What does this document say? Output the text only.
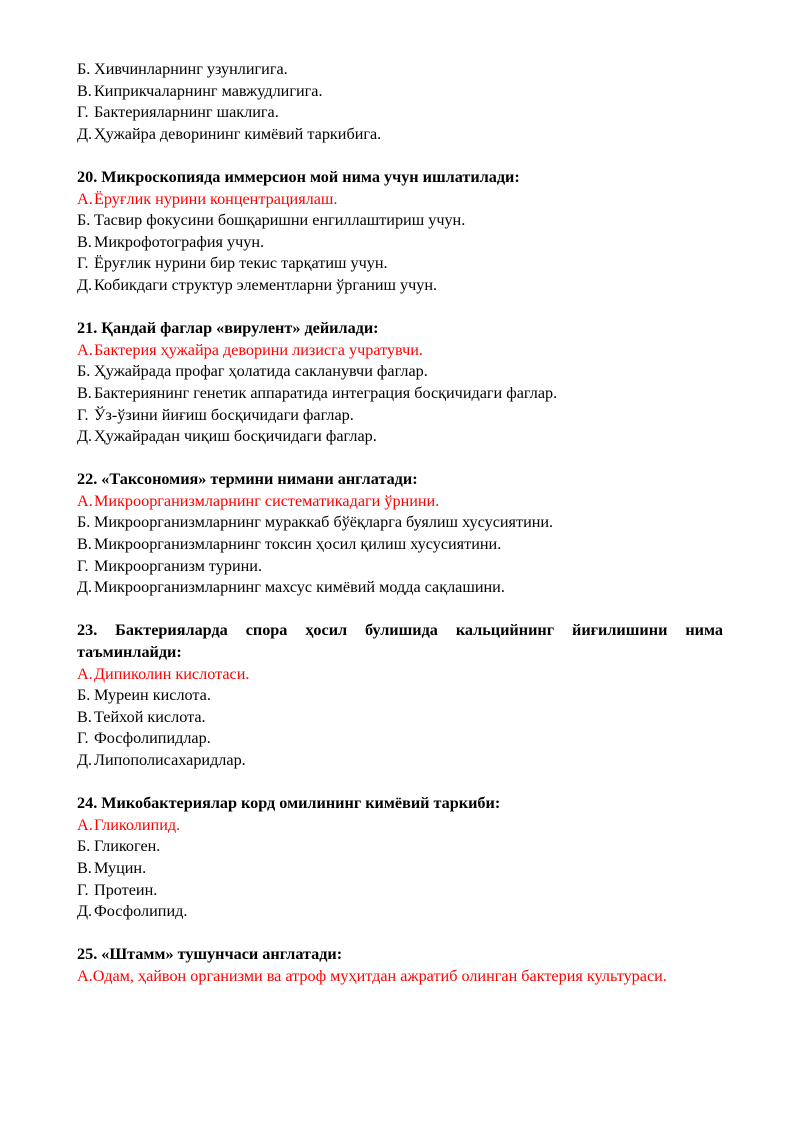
Б. Хивчинларнинг узунлигига.
В. Киприкчаларнинг мавжудлигига.
Г. Бактерияларнинг шаклига.
Д. Ҳужайра деворининг кимёвий таркибига.
20. Микроскопияда иммерсион мой нима учун ишлатилади:
А.Ёруғлик нурини концентрациялаш.
Б. Тасвир фокусини бошқаришни енгиллаштириш учун.
В. Микрофотография учун.
Г. Ёруғлик нурини бир текис тарқатиш учун.
Д. Кобикдаги структур элементларни ўрганиш учун.
21. Қандай фаглар «вирулент» дейилади:
А.Бактерия ҳужайра деворини лизисга учратувчи.
Б. Ҳужайрада профаг ҳолатида сакланувчи фаглар.
В. Бактериянинг генетик аппаратида интеграция босқичидаги фаглар.
Г. Ўз-ўзини йиғиш босқичидаги фаглар.
Д. Ҳужайрадан чиқиш босқичидаги фаглар.
22. «Таксономия» термини нимани англатади:
А.Микроорганизмларнинг систематикадаги ўрнини.
Б. Микроорганизмларнинг мураккаб бўёқларга буялиш хусусиятини.
В. Микроорганизмларнинг токсин ҳосил қилиш хусусиятини.
Г. Микроорганизм турини.
Д. Микроорганизмларнинг махсус кимёвий модда сақлашини.
23. Бактерияларда спора ҳосил булишида кальцийнинг йиғилишини нима таъминлайди:
А.Дипиколин кислотаси.
Б. Муреин кислота.
В. Тейхой кислота.
Г. Фосфолипидлар.
Д. Липополисахаридлар.
24. Микобактериялар корд омилининг кимёвий таркиби:
А.Гликолипид.
Б. Гликоген.
В. Муцин.
Г. Протеин.
Д. Фосфолипид.
25. «Штамм» тушунчаси англатади:
А.Одам, ҳайвон организми ва атроф муҳитдан ажратиб олинган бактерия культураси.
